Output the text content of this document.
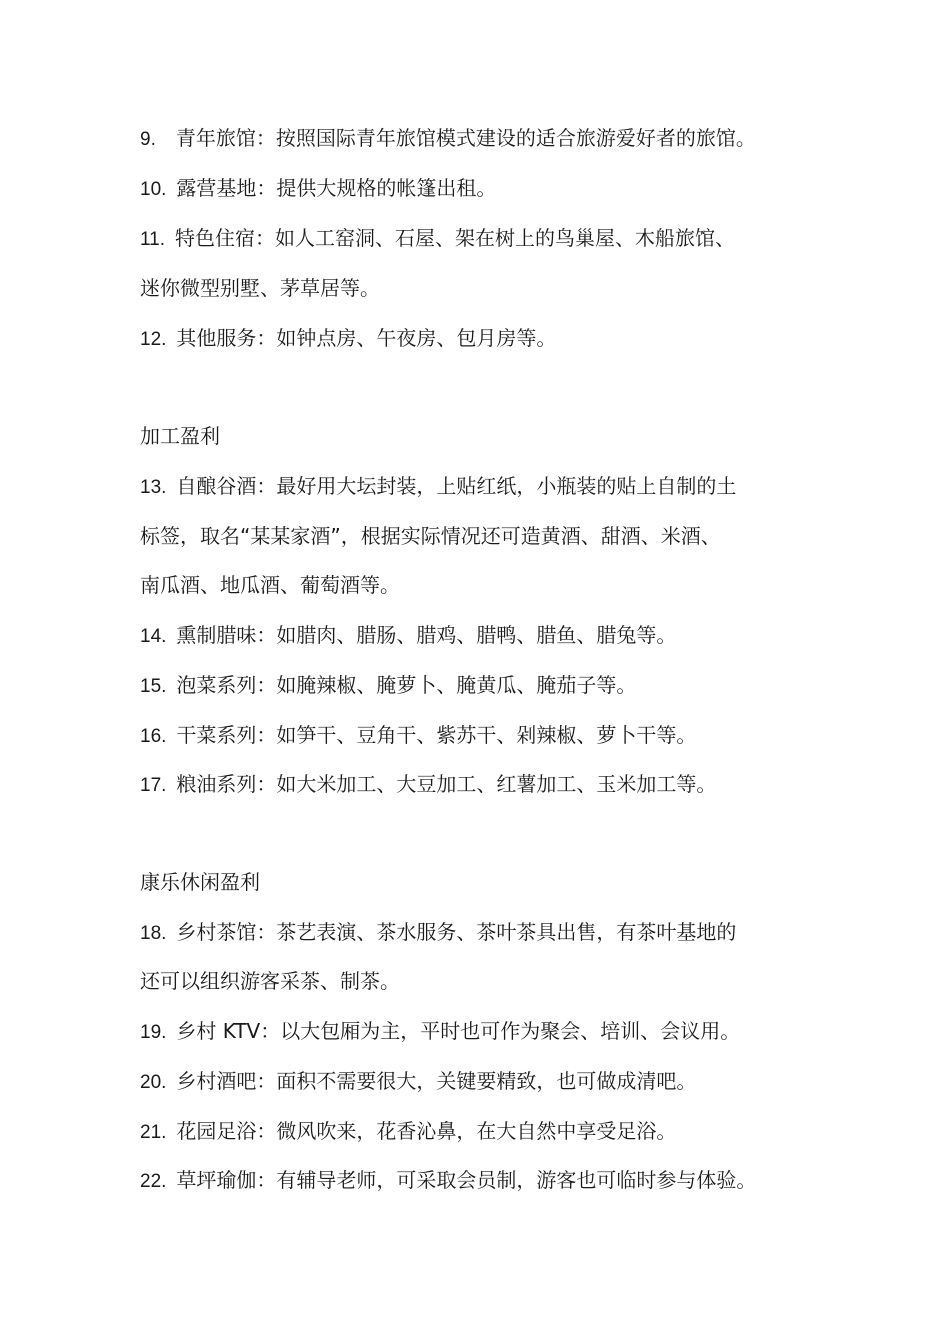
9. 青年旅馆：按照国际青年旅馆模式建设的适合旅游爱好者的旅馆。
10. 露营基地：提供大规格的帐篷出租。
11. 特色住宿：如人工窑洞、石屋、架在树上的鸟巢屋、木船旅馆、
迷你微型别墅、茅草居等。
12. 其他服务：如钟点房、午夜房、包月房等。
加工盈利
13. 自酿谷酒：最好用大坛封装，上贴红纸，小瓶装的贴上自制的土
标签，取名“某某家酒”，根据实际情况还可造黄酒、甜酒、米酒、
南瓜酒、地瓜酒、葡萄酒等。
14. 熏制腊味：如腊肉、腊肠、腊鸡、腊鸭、腊鱼、腊兔等。
15. 泡菜系列：如腌辣椒、腌萝卜、腌黄瓜、腌茄子等。
16. 干菜系列：如笋干、豆角干、紫苏干、剁辣椒、萝卜干等。
17. 粮油系列：如大米加工、大豆加工、红薯加工、玉米加工等。
康乐休闲盈利
18. 乡村茶馆：茶艺表演、茶水服务、茶叶茶具出售，有茶叶基地的
还可以组织游客采茶、制茶。
19. 乡村 KTV：以大包厢为主，平时也可作为聚会、培训、会议用。
20. 乡村酒吧：面积不需要很大，关键要精致，也可做成清吧。
21. 花园足浴：微风吹来，花香沁鼻，在大自然中享受足浴。
22. 草坪瑜伽：有辅导老师，可采取会员制，游客也可临时参与体验。
